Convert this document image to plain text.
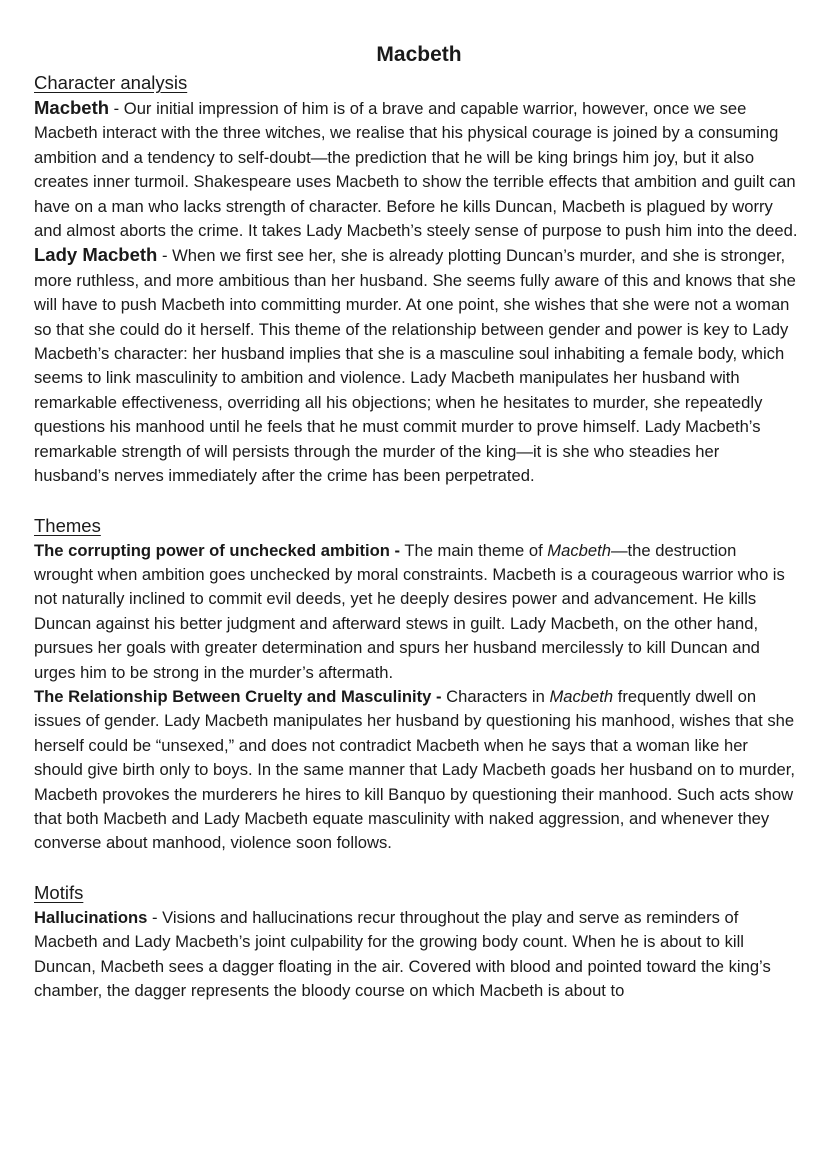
Macbeth
Character analysis

Macbeth - Our initial impression of him is of a brave and capable warrior, however, once we see Macbeth interact with the three witches, we realise that his physical courage is joined by a consuming ambition and a tendency to self-doubt—the prediction that he will be king brings him joy, but it also creates inner turmoil. Shakespeare uses Macbeth to show the terrible effects that ambition and guilt can have on a man who lacks strength of character. Before he kills Duncan, Macbeth is plagued by worry and almost aborts the crime. It takes Lady Macbeth’s steely sense of purpose to push him into the deed.

Lady Macbeth - When we first see her, she is already plotting Duncan’s murder, and she is stronger, more ruthless, and more ambitious than her husband. She seems fully aware of this and knows that she will have to push Macbeth into committing murder. At one point, she wishes that she were not a woman so that she could do it herself. This theme of the relationship between gender and power is key to Lady Macbeth’s character: her husband implies that she is a masculine soul inhabiting a female body, which seems to link masculinity to ambition and violence. Lady Macbeth manipulates her husband with remarkable effectiveness, overriding all his objections; when he hesitates to murder, she repeatedly questions his manhood until he feels that he must commit murder to prove himself. Lady Macbeth’s remarkable strength of will persists through the murder of the king—it is she who steadies her husband’s nerves immediately after the crime has been perpetrated.

Themes

The corrupting power of unchecked ambition - The main theme of Macbeth—the destruction wrought when ambition goes unchecked by moral constraints. Macbeth is a courageous warrior who is not naturally inclined to commit evil deeds, yet he deeply desires power and advancement. He kills Duncan against his better judgment and afterward stews in guilt. Lady Macbeth, on the other hand, pursues her goals with greater determination and spurs her husband mercilessly to kill Duncan and urges him to be strong in the murder’s aftermath.

The Relationship Between Cruelty and Masculinity - Characters in Macbeth frequently dwell on issues of gender. Lady Macbeth manipulates her husband by questioning his manhood, wishes that she herself could be “unsexed,” and does not contradict Macbeth when he says that a woman like her should give birth only to boys. In the same manner that Lady Macbeth goads her husband on to murder, Macbeth provokes the murderers he hires to kill Banquo by questioning their manhood. Such acts show that both Macbeth and Lady Macbeth equate masculinity with naked aggression, and whenever they converse about manhood, violence soon follows.

Motifs

Hallucinations - Visions and hallucinations recur throughout the play and serve as reminders of Macbeth and Lady Macbeth’s joint culpability for the growing body count. When he is about to kill Duncan, Macbeth sees a dagger floating in the air. Covered with blood and pointed toward the king’s chamber, the dagger represents the bloody course on which Macbeth is about to
